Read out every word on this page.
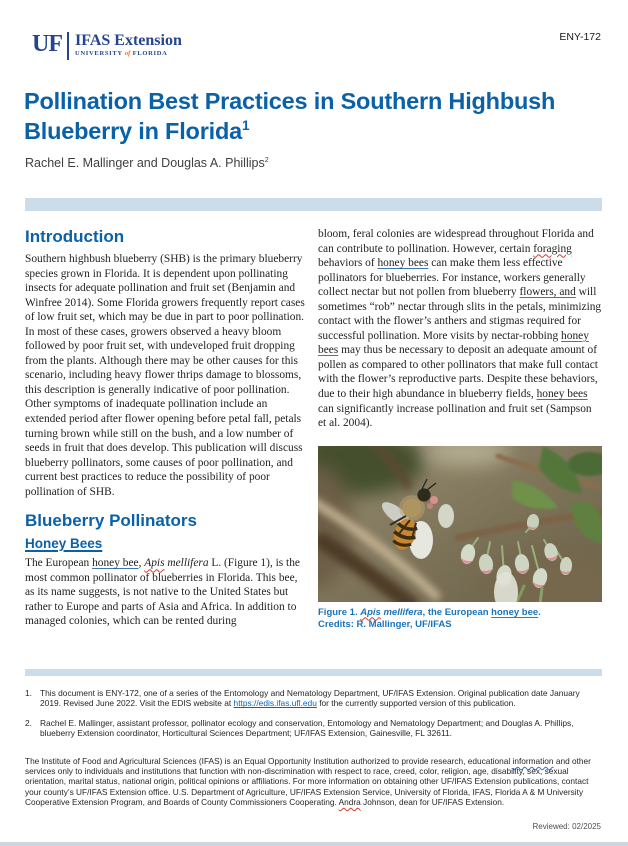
UF IFAS Extension
UNIVERSITY of FLORIDA
ENY-172
Pollination Best Practices in Southern Highbush Blueberry in Florida$^1$
Rachel E. Mallinger and Douglas A. Phillips$^2$
Introduction

Southern highbush blueberry (SHB) is the primary blueberry species grown in Florida. It is dependent upon pollinating insects for adequate pollination and fruit set (Benjamin and Winfree 2014). Some Florida growers frequently report cases of low fruit set, which may be due in part to poor pollination. In most of these cases, growers observed a heavy bloom followed by poor fruit set, with undeveloped fruit dropping from the plants. Although there may be other causes for this scenario, including heavy flower thrips damage to blossoms, this description is generally indicative of poor pollination. Other symptoms of inadequate pollination include an extended period after flower opening before petal fall, petals turning brown while still on the bush, and a low number of seeds in fruit that does develop. This publication will discuss blueberry pollinators, some causes of poor pollination, and current best practices to reduce the possibility of poor pollination of SHB.

Blueberry Pollinators
Honey Bees

The European honey bee, Apis mellifera L. (Figure 1), is the most common pollinator of blueberries in Florida. This bee, as its name suggests, is not native to the United States but rather to Europe and parts of Asia and Africa. In addition to managed colonies, which can be rented during

bloom, feral colonies are widespread throughout Florida and can contribute to pollination. However, certain foraging behaviors of honey bees can make them less effective pollinators for blueberries. For instance, workers generally collect nectar but not pollen from blueberry flowers, and will sometimes “rob” nectar through slits in the petals, minimizing contact with the flower’s anthers and stigmas required for successful pollination. More visits by nectar-robbing honey bees may thus be necessary to deposit an adequate amount of pollen as compared to other pollinators that make full contact with the flower’s reproductive parts. Despite these behaviors, due to their high abundance in blueberry fields, honey bees can significantly increase pollination and fruit set (Sampson et al. 2004).

Figure 1. Apis mellifera, the European honey bee.
Credits: R. Mallinger, UF/IFAS
1. This document is ENY-172, one of a series of the Entomology and Nematology Department, UF/IFAS Extension. Original publication date January 2019. Revised June 2022. Visit the EDIS website at https://edis.ifas.ufl.edu for the currently supported version of this publication.
2. Rachel E. Mallinger, assistant professor, pollinator ecology and conservation, Entomology and Nematology Department; and Douglas A. Phillips, blueberry Extension coordinator, Horticultural Sciences Department; UF/IFAS Extension, Gainesville, FL 32611.
The Institute of Food and Agricultural Sciences (IFAS) is an Equal Opportunity Institution authorized to provide research, educational information and other services only to individuals and institutions that function with non-discrimination with respect to race, creed, color, religion, age, disability, sex, sexual orientation, marital status, national origin, political opinions or affiliations. For more information on obtaining other UF/IFAS Extension publications, contact your county’s UF/IFAS Extension office. U.S. Department of Agriculture, UF/IFAS Extension Service, University of Florida, IFAS, Florida A & M University Cooperative Extension Program, and Boards of County Commissioners Cooperating. Andra Johnson, dean for UF/IFAS Extension.
Reviewed: 02/2025
